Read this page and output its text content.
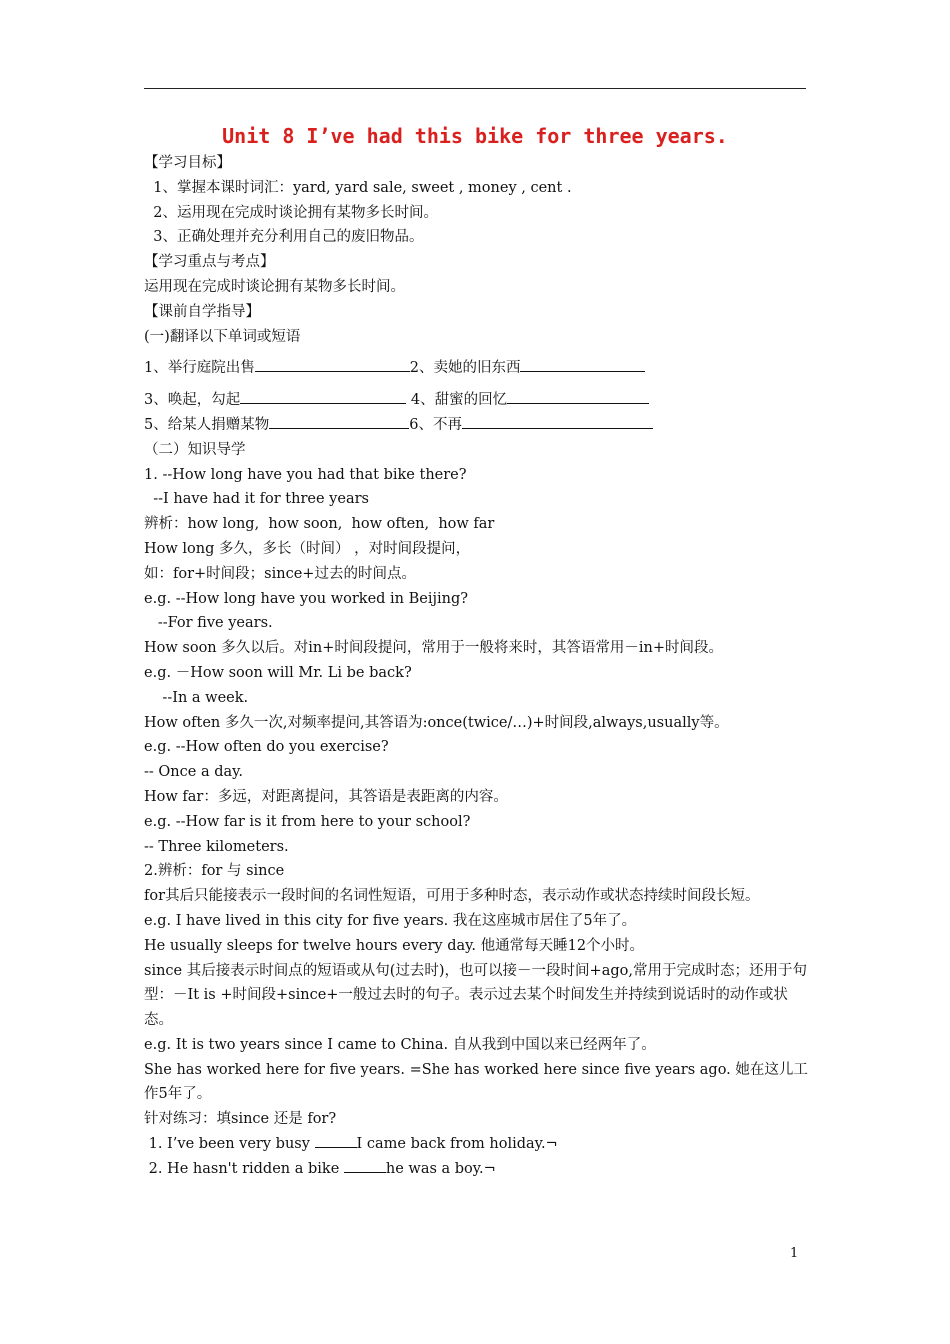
Unit 8 I’ve had this bike for three years.
【学习目标】
1、掌握本课时词汇：yard, yard sale, sweet , money , cent .
2、运用现在完成时谈论拥有某物多长时间。
3、正确处理并充分利用自己的废旧物品。
【学习重点与考点】
运用现在完成时谈论拥有某物多长时间。
【课前自学指导】
(一)翻译以下单词或短语
1、举行庭院出售	2、卖她的旧东西
3、唤起，勾起	4、甜蜜的回忆
5、给某人捐赠某物	6、不再
（二）知识导学
1. --How long have you had that bike there?
--I have had it for three years
辨析：how long,  how soon,  how often,  how far
How long 多久，多长（时间） ，对时间段提问，
如：for+时间段；since+过去的时间点。
e.g. --How long have you worked in Beijing?
--For five years.
How soon 多久以后。对in+时间段提问，常用于一般将来时，其答语常用－in+时间段。
e.g. －How soon will Mr. Li be back?
--In a week.
How often 多久一次,对频率提问,其答语为:once(twice/…)+时间段,always,usually等。
e.g. --How often do you exercise?
-- Once a day.
How far：多远，对距离提问，其答语是表距离的内容。
e.g. --How far is it from here to your school?
-- Three kilometers.
2.辨析：for 与 since
for其后只能接表示一段时间的名词性短语，可用于多种时态，表示动作或状态持续时间段长短。
e.g. I have lived in this city for five years. 我在这座城市居住了5年了。
He usually sleeps for twelve hours every day. 他通常每天睡12个小时。
since 其后接表示时间点的短语或从句(过去时)，也可以接－一段时间+ago,常用于完成时态；还用于句型：－It is +时间段+since+一般过去时的句子。表示过去某个时间发生并持续到说话时的动作或状态。
e.g. It is two years since I came to China. 自从我到中国以来已经两年了。
She has worked here for five years. =She has worked here since five years ago. 她在这儿工作5年了。
针对练习：填since 还是 for?
1. I’ve been very busy	I came back from holiday.¬
2. He hasn't ridden a bike	he was a boy.¬
1
